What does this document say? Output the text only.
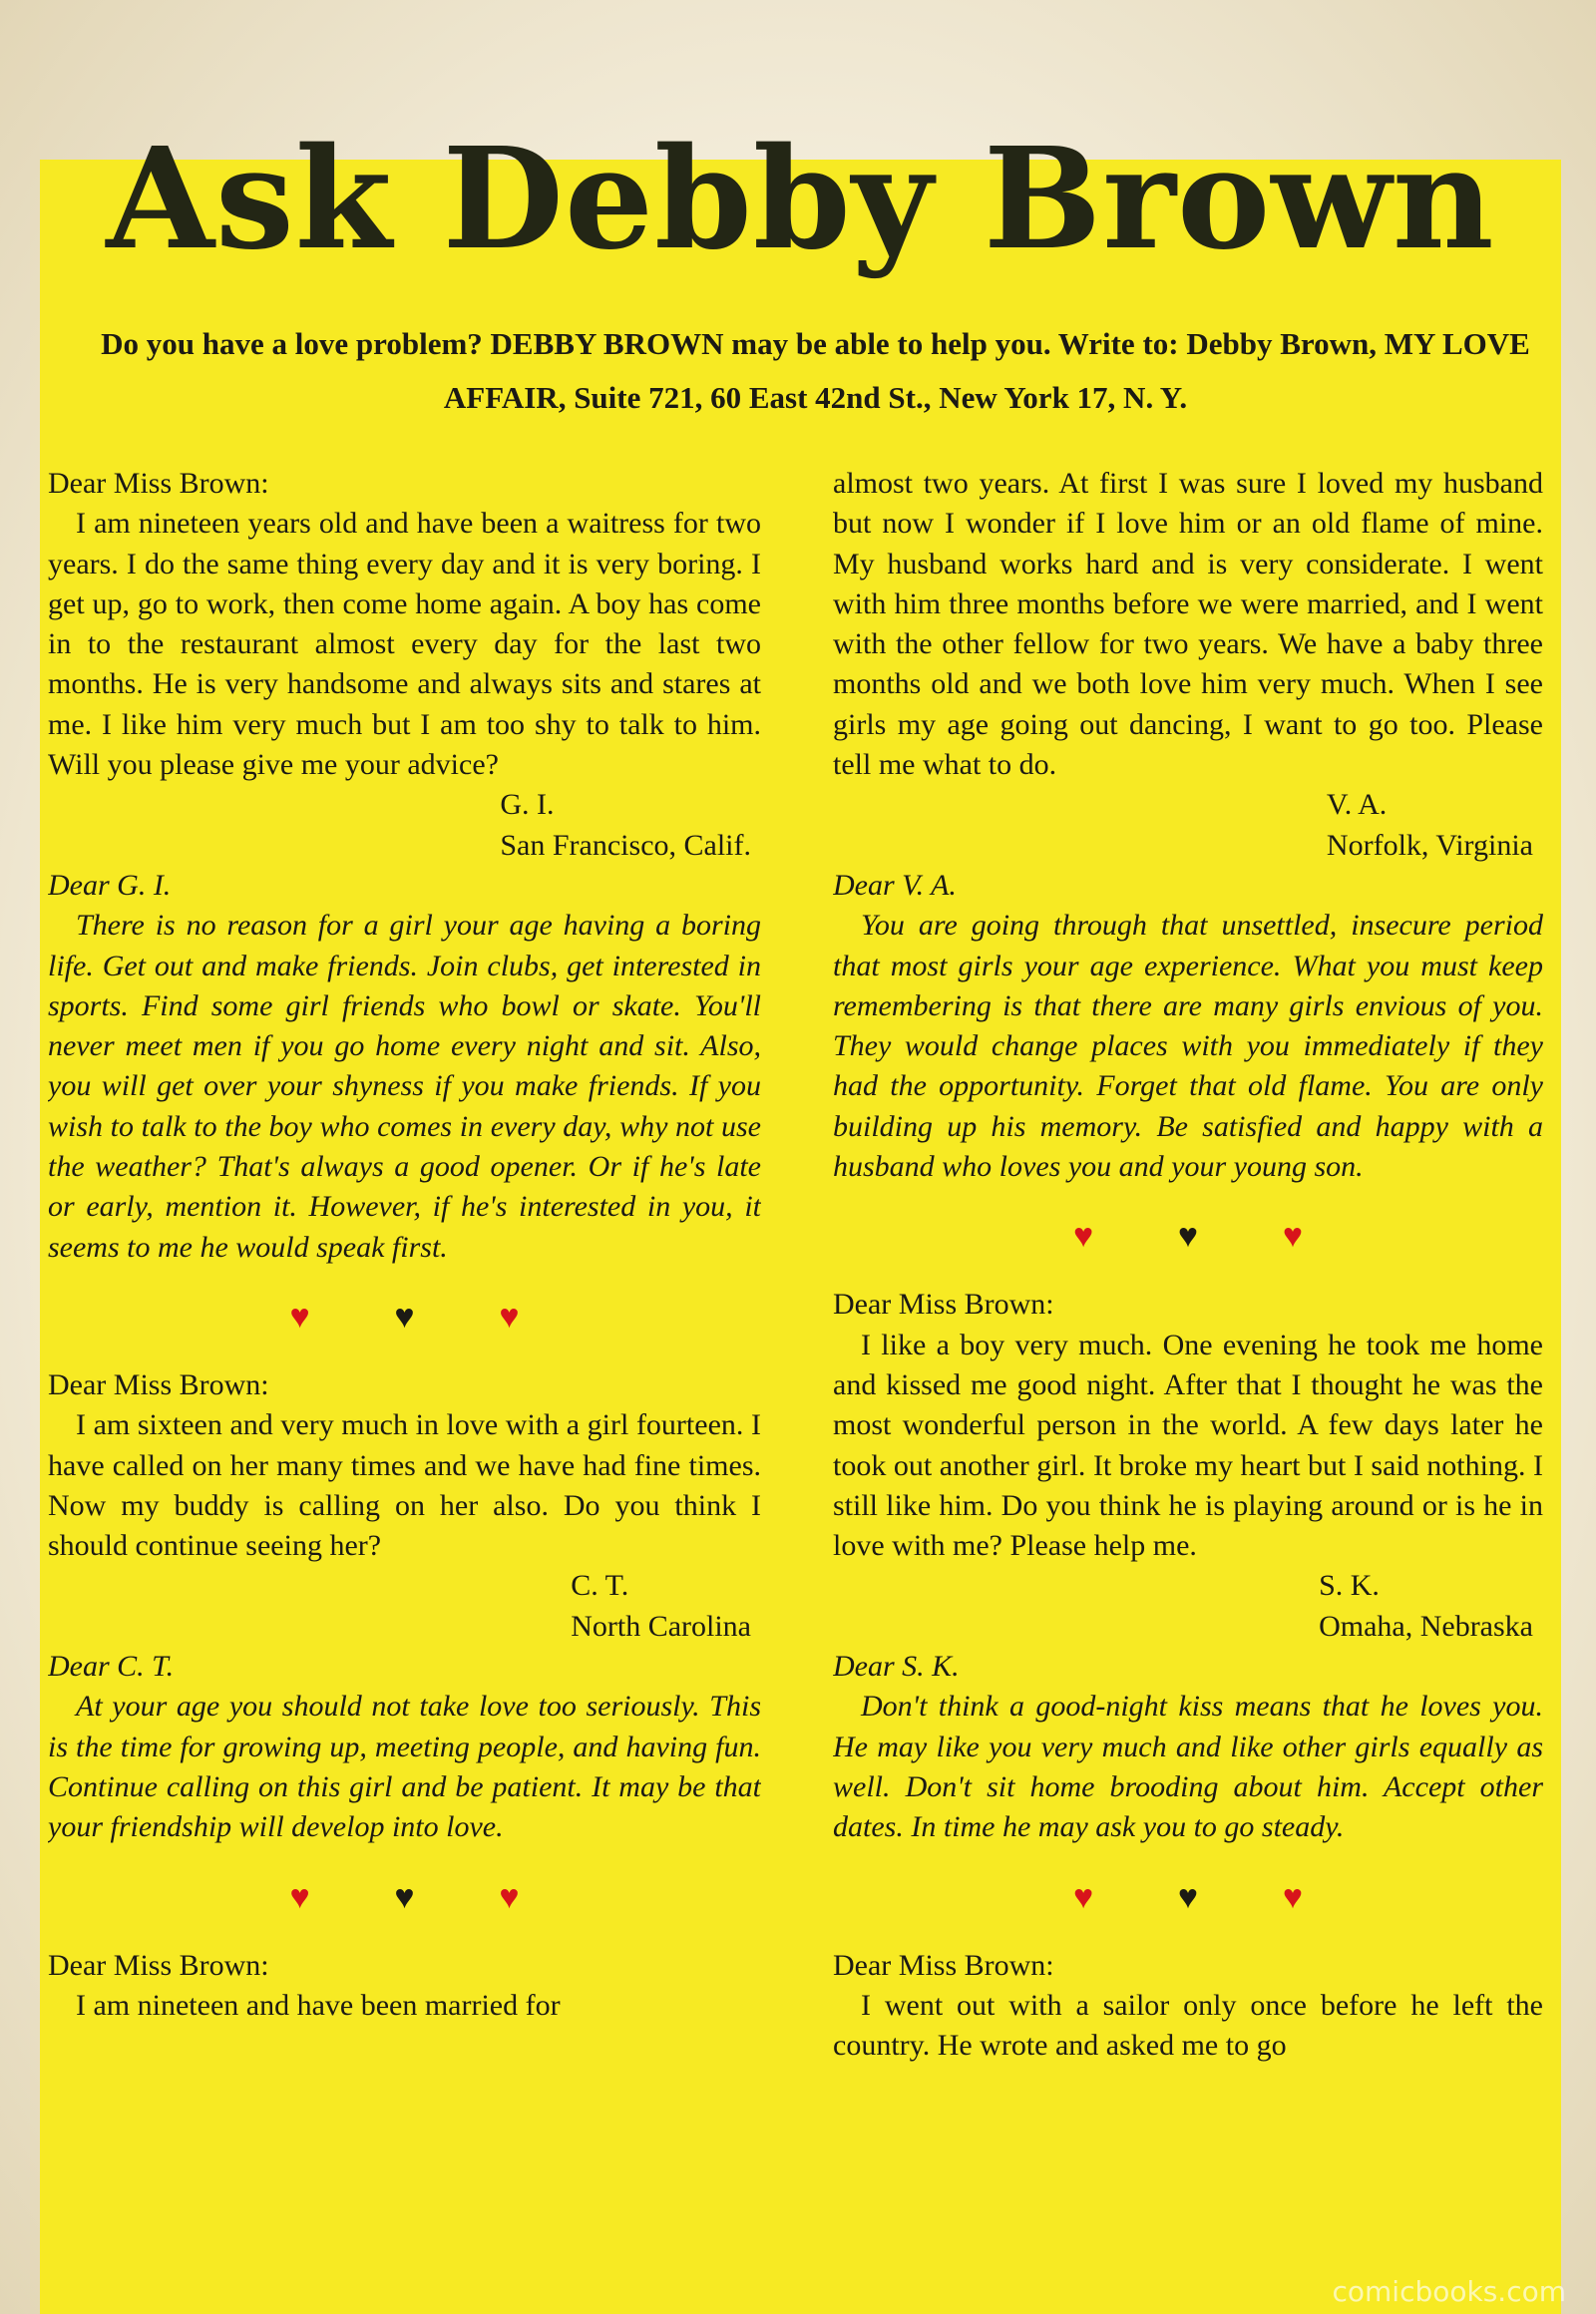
Ask Debby Brown
Do you have a love problem? DEBBY BROWN may be able to help you. Write to: Debby Brown, MY LOVE AFFAIR, Suite 721, 60 East 42nd St., New York 17, N. Y.

Dear Miss Brown:

I am nineteen years old and have been a waitress for two years. I do the same thing every day and it is very boring. I get up, go to work, then come home again. A boy has come in to the restaurant almost every day for the last two months. He is very handsome and always sits and stares at me. I like him very much but I am too shy to talk to him. Will you please give me your advice?

G. I.
San Francisco, Calif.

Dear G. I.

There is no reason for a girl your age having a boring life. Get out and make friends. Join clubs, get interested in sports. Find some girl friends who bowl or skate. You'll never meet men if you go home every night and sit. Also, you will get over your shyness if you make friends. If you wish to talk to the boy who comes in every day, why not use the weather? That's always a good opener. Or if he's late or early, mention it. However, if he's interested in you, it seems to me he would speak first.

♥ ♥ ♥

Dear Miss Brown:

I am sixteen and very much in love with a girl fourteen. I have called on her many times and we have had fine times. Now my buddy is calling on her also. Do you think I should continue seeing her?

C. T.
North Carolina

Dear C. T.

At your age you should not take love too seriously. This is the time for growing up, meeting people, and having fun. Continue calling on this girl and be patient. It may be that your friendship will develop into love.

♥ ♥ ♥

Dear Miss Brown:

I am nineteen and have been married for

almost two years. At first I was sure I loved my husband but now I wonder if I love him or an old flame of mine. My husband works hard and is very considerate. I went with him three months before we were married, and I went with the other fellow for two years. We have a baby three months old and we both love him very much. When I see girls my age going out dancing, I want to go too. Please tell me what to do.

V. A.
Norfolk, Virginia

Dear V. A.

You are going through that unsettled, insecure period that most girls your age experience. What you must keep remembering is that there are many girls envious of you. They would change places with you immediately if they had the opportunity. Forget that old flame. You are only building up his memory. Be satisfied and happy with a husband who loves you and your young son.

♥ ♥ ♥

Dear Miss Brown:

I like a boy very much. One evening he took me home and kissed me good night. After that I thought he was the most wonderful person in the world. A few days later he took out another girl. It broke my heart but I said nothing. I still like him. Do you think he is playing around or is he in love with me? Please help me.

S. K.
Omaha, Nebraska

Dear S. K.

Don't think a good-night kiss means that he loves you. He may like you very much and like other girls equally as well. Don't sit home brooding about him. Accept other dates. In time he may ask you to go steady.

♥ ♥ ♥

Dear Miss Brown:

I went out with a sailor only once before he left the country. He wrote and asked me to go

comicbooks.com
